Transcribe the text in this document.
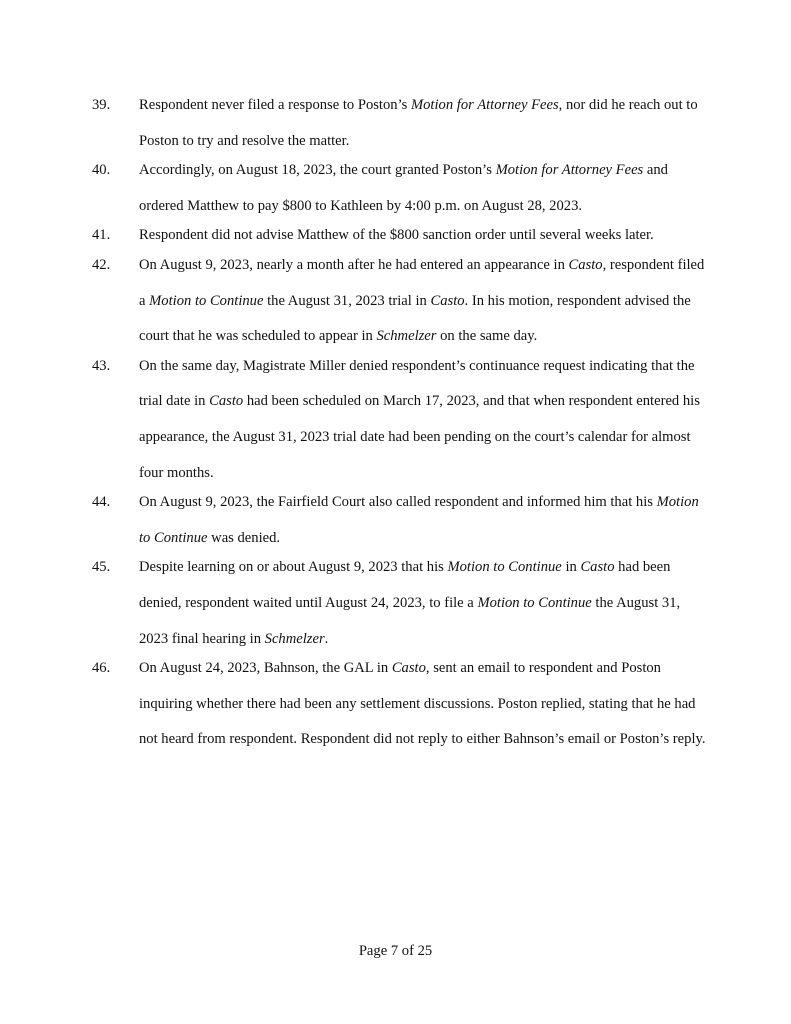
39.	Respondent never filed a response to Poston’s Motion for Attorney Fees, nor did he reach out to Poston to try and resolve the matter.
40.	Accordingly, on August 18, 2023, the court granted Poston’s Motion for Attorney Fees and ordered Matthew to pay $800 to Kathleen by 4:00 p.m. on August 28, 2023.
41.	Respondent did not advise Matthew of the $800 sanction order until several weeks later.
42.	On August 9, 2023, nearly a month after he had entered an appearance in Casto, respondent filed a Motion to Continue the August 31, 2023 trial in Casto. In his motion, respondent advised the court that he was scheduled to appear in Schmelzer on the same day.
43.	On the same day, Magistrate Miller denied respondent’s continuance request indicating that the trial date in Casto had been scheduled on March 17, 2023, and that when respondent entered his appearance, the August 31, 2023 trial date had been pending on the court’s calendar for almost four months.
44.	On August 9, 2023, the Fairfield Court also called respondent and informed him that his Motion to Continue was denied.
45.	Despite learning on or about August 9, 2023 that his Motion to Continue in Casto had been denied, respondent waited until August 24, 2023, to file a Motion to Continue the August 31, 2023 final hearing in Schmelzer.
46.	On August 24, 2023, Bahnson, the GAL in Casto, sent an email to respondent and Poston inquiring whether there had been any settlement discussions. Poston replied, stating that he had not heard from respondent. Respondent did not reply to either Bahnson’s email or Poston’s reply.
Page 7 of 25
